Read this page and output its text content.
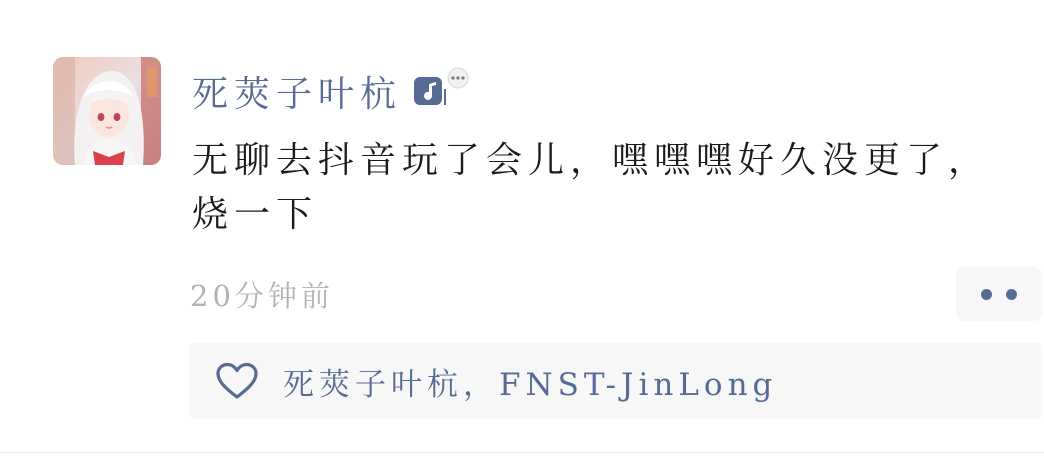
死莢子叶杭
无聊去抖音玩了会儿，嘿嘿嘿好久没更了，烧一下
20分钟前
死莢子叶杭，FNST-JinLong
